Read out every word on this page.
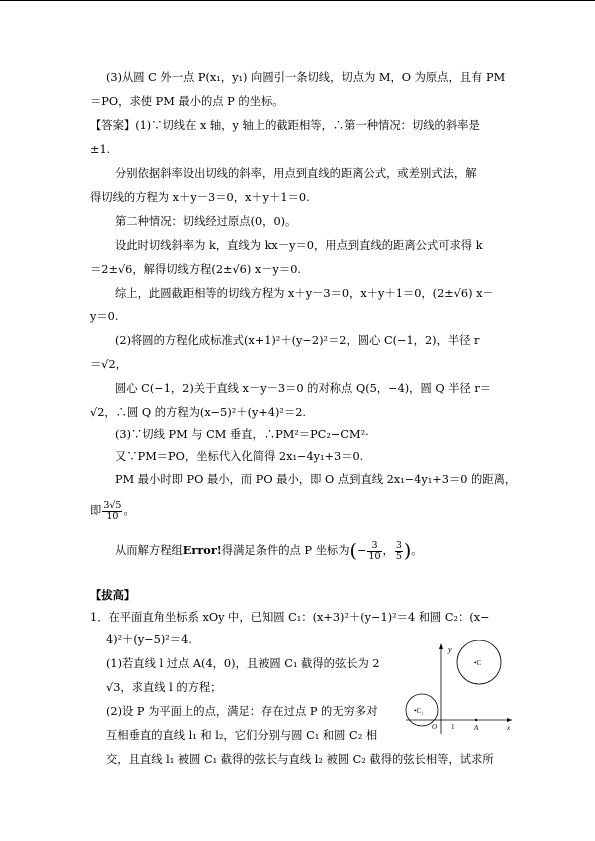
(3)从圆 C 外一点 P(x₁，y₁) 向圆引一条切线，切点为 M，O 为原点，且有 PM
＝PO，求使 PM 最小的点 P 的坐标。
【答案】(1)∵切线在 x 轴，y 轴上的截距相等，∴第一种情况：切线的斜率是
±1.
分别依据斜率设出切线的斜率，用点到直线的距离公式，或差别式法，解
得切线的方程为 x＋y－3＝0，x＋y＋1＝0.
第二种情况：切线经过原点(0，0)。
设此时切线斜率为 k，直线为 kx－y＝0，用点到直线的距离公式可求得 k
＝2±√6，解得切线方程(2±√6) x－y＝0.
综上，此圆截距相等的切线方程为 x＋y－3＝0，x＋y＋1＝0，(2±√6) x－
y＝0.
(2)将圆的方程化成标准式(x+1)²＋(y−2)²＝2，圆心 C(−1，2)，半径 r
＝√2，
圆心 C(−1，2)关于直线 x－y－3＝0 的对称点 Q(5，−4)，圆 Q 半径 r＝
√2，∴圆 Q 的方程为(x−5)²＋(y+4)²＝2.
(3)∵切线 PM 与 CM 垂直，∴PM²＝PC₂−CM²·
又∵PM＝PO，坐标代入化简得 2x₁−4y₁+3＝0.
PM 最小时即 PO 最小，而 PO 最小，即 O 点到直线 2x₁−4y₁+3＝0 的距离，
即 $\frac{3√5}{10}$ 。
从而解方程组Error!得满足条件的点 P 坐标为(− $\frac{3}{10}$ ， $\frac{3}{5}$ )。
【拔高】
1．在平面直角坐标系 xOy 中，已知圆 C₁：(x+3)²＋(y−1)²＝4 和圆 C₂：(x−
4)²＋(y−5)²＝4.
(1)若直线 l 过点 A(4，0)，且被圆 C₁ 截得的弦长为 2
√3，求直线 l 的方程；
(2)设 P 为平面上的点，满足：存在过点 P 的无穷多对
互相垂直的直线 l₁ 和 l₂，它们分别与圆 C₁ 和圆 C₂ 相
交，且直线 l₁ 被圆 C₁ 截得的弦长与直线 l₂ 被圆 C₂ 截得的弦长相等，试求所
y
•C₁
•C
O 1	A	x
